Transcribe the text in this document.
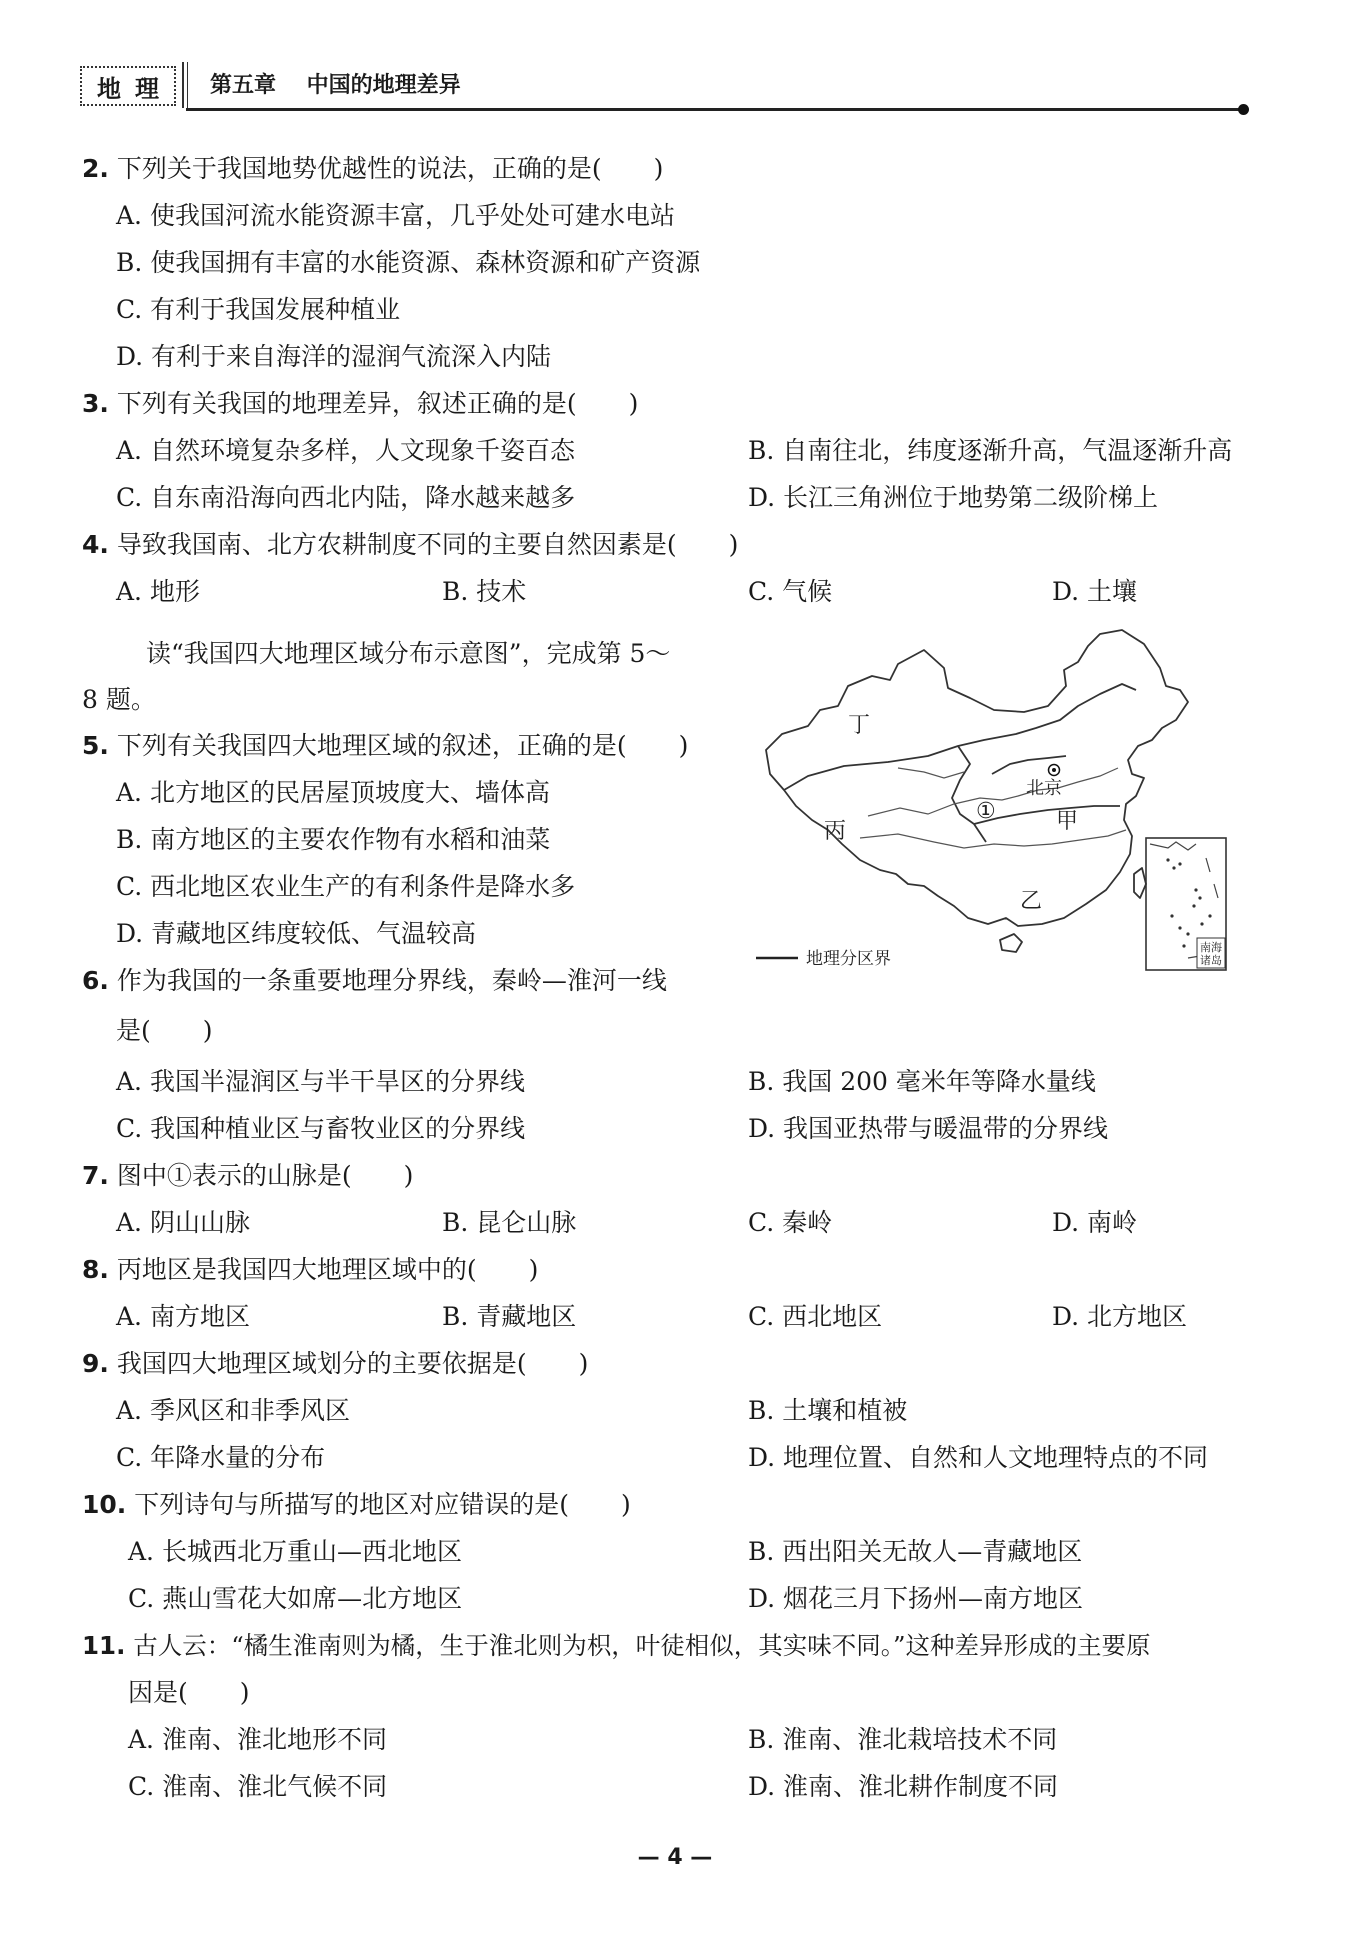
地理 第五章    中国的地理差异
2. 下列关于我国地势优越性的说法，正确的是( )
A. 使我国河流水能资源丰富，几乎处处可建水电站
B. 使我国拥有丰富的水能资源、森林资源和矿产资源
C. 有利于我国发展种植业
D. 有利于来自海洋的湿润气流深入内陆
3. 下列有关我国的地理差异，叙述正确的是( )
A. 自然环境复杂多样，人文现象千姿百态	B. 自南往北，纬度逐渐升高，气温逐渐升高
C. 自东南沿海向西北内陆，降水越来越多	D. 长江三角洲位于地势第二级阶梯上
4. 导致我国南、北方农耕制度不同的主要自然因素是( )
A. 地形	B. 技术	C. 气候	D. 土壤
读“我国四大地理区域分布示意图”，完成第 5～
8 题。
5. 下列有关我国四大地理区域的叙述，正确的是( )
A. 北方地区的民居屋顶坡度大、墙体高
B. 南方地区的主要农作物有水稻和油菜
C. 西北地区农业生产的有利条件是降水多
D. 青藏地区纬度较低、气温较高
6. 作为我国的一条重要地理分界线，秦岭—淮河一线
是( )
A. 我国半湿润区与半干旱区的分界线	B. 我国 200 毫米年等降水量线
C. 我国种植业区与畜牧业区的分界线	D. 我国亚热带与暖温带的分界线
7. 图中①表示的山脉是( )
A. 阴山山脉	B. 昆仑山脉	C. 秦岭	D. 南岭
8. 丙地区是我国四大地理区域中的( )
A. 南方地区	B. 青藏地区	C. 西北地区	D. 北方地区
9. 我国四大地理区域划分的主要依据是( )
A. 季风区和非季风区	B. 土壤和植被
C. 年降水量的分布	D. 地理位置、自然和人文地理特点的不同
10. 下列诗句与所描写的地区对应错误的是( )
A. 长城西北万重山—西北地区	B. 西出阳关无故人—青藏地区
C. 燕山雪花大如席—北方地区	D. 烟花三月下扬州—南方地区
11. 古人云：“橘生淮南则为橘，生于淮北则为枳，叶徒相似，其实味不同。”这种差异形成的主要原
因是( )
A. 淮南、淮北地形不同	B. 淮南、淮北栽培技术不同
C. 淮南、淮北气候不同	D. 淮南、淮北耕作制度不同
丁
丙	甲
乙
①
北京
南海 诸岛
地理分区界
— 4 —
